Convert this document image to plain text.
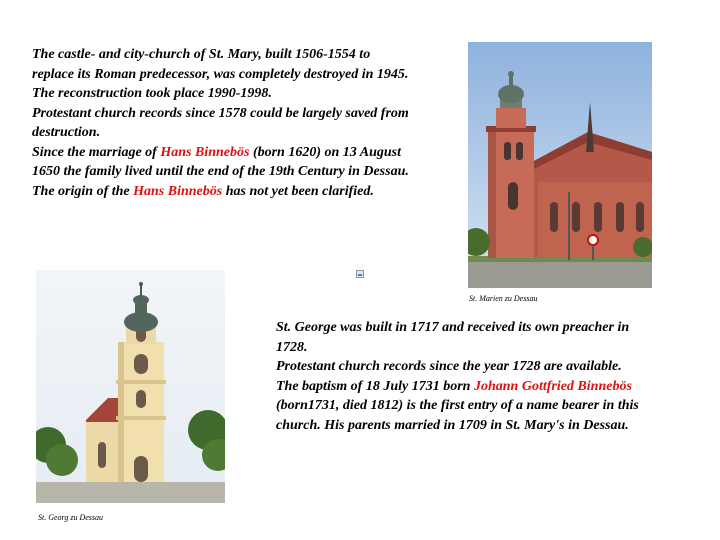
The castle- and city-church of St. Mary, built 1506-1554 to replace its Roman predecessor, was completely destroyed in 1945. The reconstruction took place 1990-1998.
Protestant church records since 1578 could be largely saved from destruction.
Since the marriage of Hans Binnebös (born 1620) on 13 August 1650 the family lived until the end of the 19th Century in Dessau. The origin of the Hans Binnebös has not yet been clarified.
St. Marien zu Dessau
St. Georg zu Dessau
St. George was built in 1717 and received its own preacher in 1728.
Protestant church records since the year 1728 are available.
The baptism of 18 July 1731 born Johann Gottfried Binnebös (born1731, died 1812) is the first entry of a name bearer in this church. His parents married in 1709 in St. Mary's in Dessau.
